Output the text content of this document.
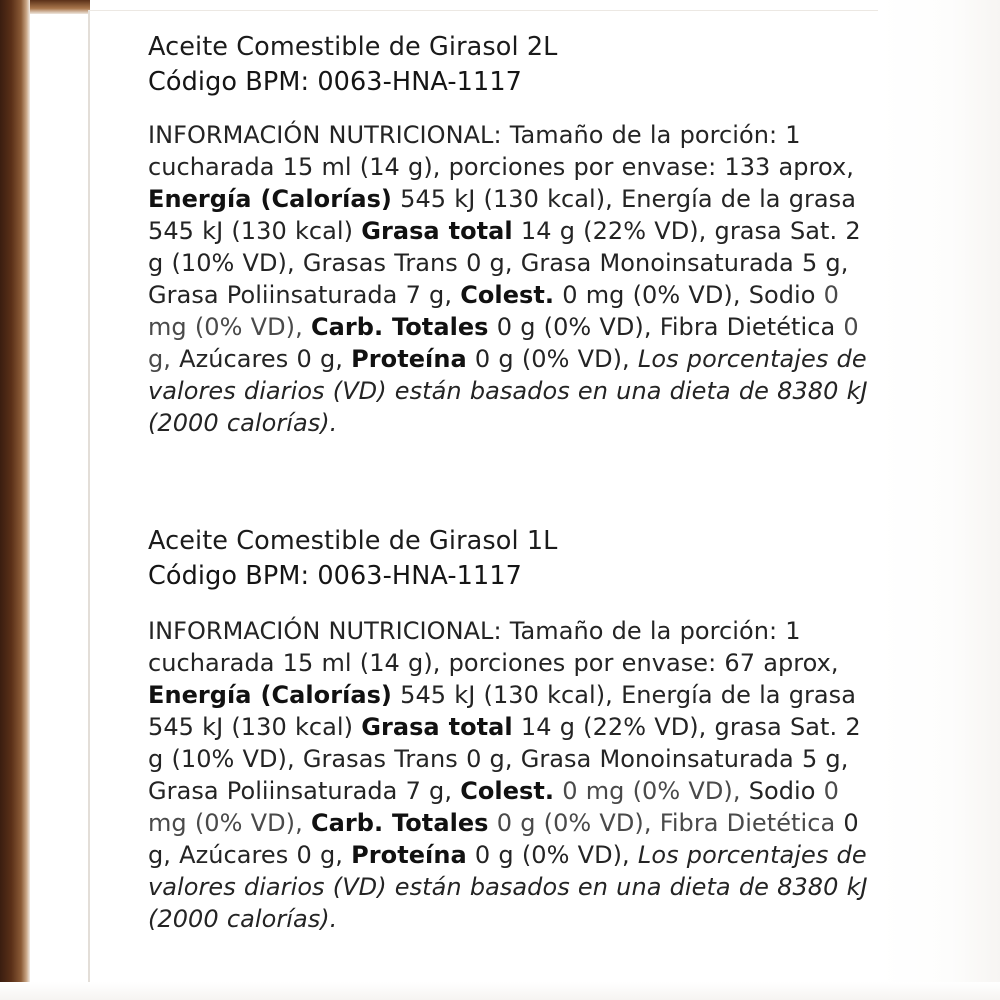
Aceite Comestible de Girasol 2L
Código BPM: 0063-HNA-1117
INFORMACIÓN NUTRICIONAL: Tamaño de la porción: 1 cucharada 15 ml (14 g), porciones por envase: 133 aprox, Energía (Calorías) 545 kJ (130 kcal), Energía de la grasa 545 kJ (130 kcal) Grasa total 14 g (22% VD), grasa Sat. 2 g (10% VD), Grasas Trans 0 g, Grasa Monoinsaturada 5 g, Grasa Poliinsaturada 7 g, Colest. 0 mg (0% VD), Sodio 0 mg (0% VD), Carb. Totales 0 g (0% VD), Fibra Dietética 0 g, Azúcares 0 g, Proteína 0 g (0% VD), Los porcentajes de valores diarios (VD) están basados en una dieta de 8380 kJ (2000 calorías).
Aceite Comestible de Girasol 1L
Código BPM: 0063-HNA-1117
INFORMACIÓN NUTRICIONAL: Tamaño de la porción: 1 cucharada 15 ml (14 g), porciones por envase: 67 aprox, Energía (Calorías) 545 kJ (130 kcal), Energía de la grasa 545 kJ (130 kcal) Grasa total 14 g (22% VD), grasa Sat. 2 g (10% VD), Grasas Trans 0 g, Grasa Monoinsaturada 5 g, Grasa Poliinsaturada 7 g, Colest. 0 mg (0% VD), Sodio 0 mg (0% VD), Carb. Totales 0 g (0% VD), Fibra Dietética 0 g, Azúcares 0 g, Proteína 0 g (0% VD), Los porcentajes de valores diarios (VD) están basados en una dieta de 8380 kJ (2000 calorías).
